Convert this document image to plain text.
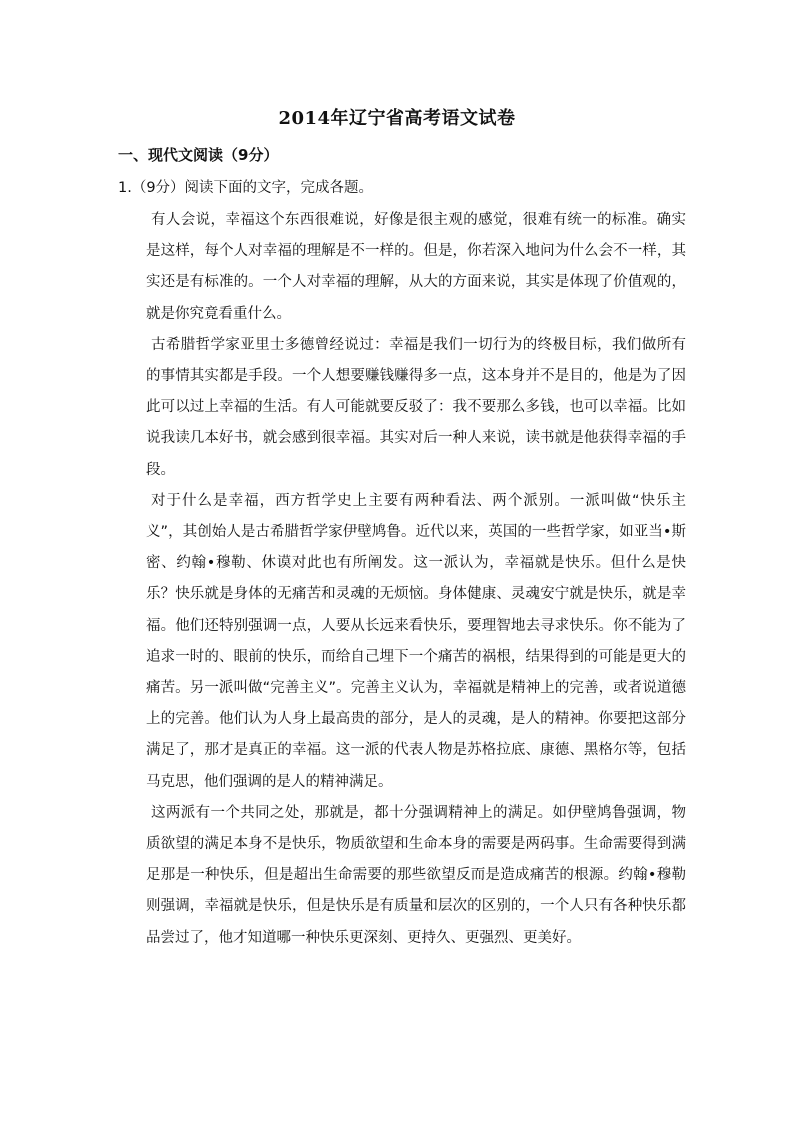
2014年辽宁省高考语文试卷
一、现代文阅读（9分）
1.（9分）阅读下面的文字，完成各题。

有人会说，幸福这个东西很难说，好像是很主观的感觉，很难有统一的标准。确实是这样，每个人对幸福的理解是不一样的。但是，你若深入地问为什么会不一样，其实还是有标准的。一个人对幸福的理解，从大的方面来说，其实是体现了价值观的，就是你究竟看重什么。

古希腊哲学家亚里士多德曾经说过：幸福是我们一切行为的终极目标，我们做所有的事情其实都是手段。一个人想要赚钱赚得多一点，这本身并不是目的，他是为了因此可以过上幸福的生活。有人可能就要反驳了：我不要那么多钱，也可以幸福。比如说我读几本好书，就会感到很幸福。其实对后一种人来说，读书就是他获得幸福的手段。

对于什么是幸福，西方哲学史上主要有两种看法、两个派别。一派叫做“快乐主义”，其创始人是古希腊哲学家伊壁鸠鲁。近代以来，英国的一些哲学家，如亚当•斯密、约翰•穆勒、休谟对此也有所阐发。这一派认为，幸福就是快乐。但什么是快乐？快乐就是身体的无痛苦和灵魂的无烦恼。身体健康、灵魂安宁就是快乐，就是幸福。他们还特别强调一点，人要从长远来看快乐，要理智地去寻求快乐。你不能为了追求一时的、眼前的快乐，而给自己埋下一个痛苦的祸根，结果得到的可能是更大的痛苦。另一派叫做“完善主义”。完善主义认为，幸福就是精神上的完善，或者说道德上的完善。他们认为人身上最高贵的部分，是人的灵魂，是人的精神。你要把这部分满足了，那才是真正的幸福。这一派的代表人物是苏格拉底、康德、黑格尔等，包括马克思，他们强调的是人的精神满足。

这两派有一个共同之处，那就是，都十分强调精神上的满足。如伊壁鸠鲁强调，物质欲望的满足本身不是快乐，物质欲望和生命本身的需要是两码事。生命需要得到满足那是一种快乐，但是超出生命需要的那些欲望反而是造成痛苦的根源。约翰•穆勒则强调，幸福就是快乐，但是快乐是有质量和层次的区别的，一个人只有各种快乐都品尝过了，他才知道哪一种快乐更深刻、更持久、更强烈、更美好。
